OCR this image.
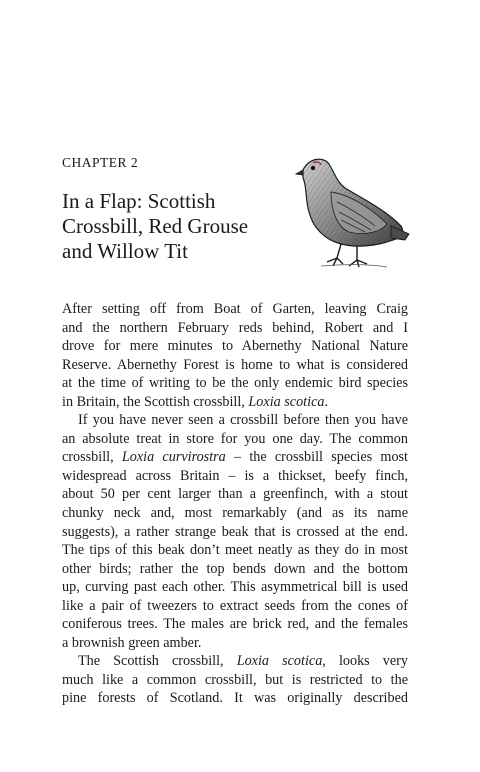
CHAPTER 2
In a Flap: Scottish
Crossbill, Red Grouse
and Willow Tit
After setting off from Boat of Garten, leaving Craig
and the northern February reds behind, Robert and I
drove for mere minutes to Abernethy National Nature
Reserve. Abernethy Forest is home to what is considered
at the time of writing to be the only endemic bird species
in Britain, the Scottish crossbill, Loxia scotica.
If you have never seen a crossbill before then you have
an absolute treat in store for you one day. The common
crossbill, Loxia curvirostra – the crossbill species most
widespread across Britain – is a thickset, beefy finch,
about 50 per cent larger than a greenfinch, with a stout
chunky neck and, most remarkably (and as its name
suggests), a rather strange beak that is crossed at the end.
The tips of this beak don’t meet neatly as they do in most
other birds; rather the top bends down and the bottom
up, curving past each other. This asymmetrical bill is used
like a pair of tweezers to extract seeds from the cones of
coniferous trees. The males are brick red, and the females
a brownish green amber.
The Scottish crossbill, Loxia scotica, looks very
much like a common crossbill, but is restricted to the
pine forests of Scotland. It was originally described
